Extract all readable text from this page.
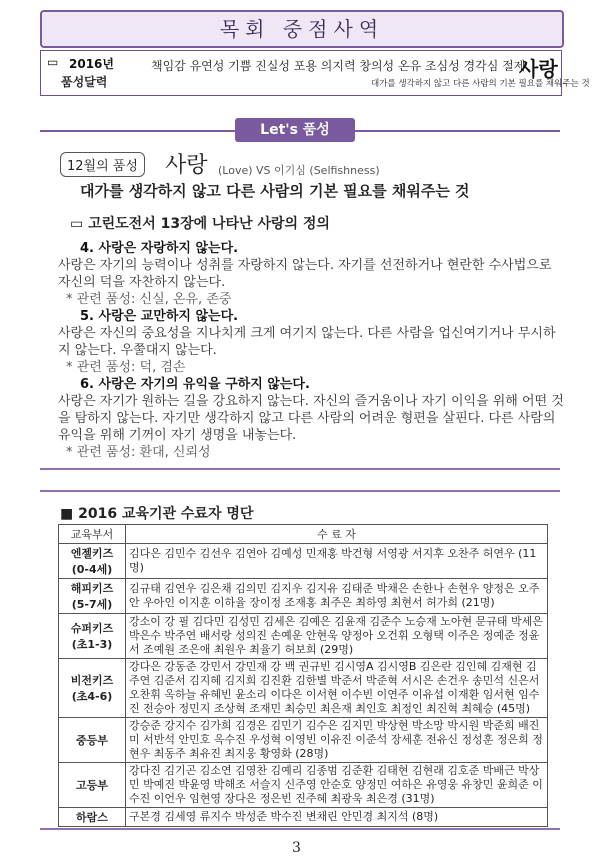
목회 중점사역
▭ 2016년
품성달력
책임감 유연성 기쁨 진실성 포용 의지력 창의성 온유 조심성 경각심 절제
사랑
대가를 생각하지 않고 다른 사람의 기본 필요를 채워주는 것
Let's 품성
12월의 품성	사랑 (Love) VS 이기심 (Selfishness)
대가를 생각하지 않고 다른 사람의 기본 필요를 채워주는 것
▭ 고린도전서 13장에 나타난 사랑의 정의
4. 사랑은 자랑하지 않는다.
사랑은 자기의 능력이나 성취를 자랑하지 않는다. 자기를 선전하거나 현란한 수사법으로 자신의 덕을 자찬하지 않는다.
* 관련 품성: 신실, 온유, 존중
5. 사랑은 교만하지 않는다.
사랑은 자신의 중요성을 지나치게 크게 여기지 않는다. 다른 사람을 업신여기거나 무시하지 않는다. 우쭐대지 않는다.
* 관련 품성: 덕, 겸손
6. 사랑은 자기의 유익을 구하지 않는다.
사랑은 자기가 원하는 길을 강요하지 않는다. 자신의 즐거움이나 자기 이익을 위해 어떤 것을 탐하지 않는다. 자기만 생각하지 않고 다른 사람의 어려운 형편을 살핀다. 다른 사람의 유익을 위해 기꺼이 자기 생명을 내놓는다.
* 관련 품성: 환대, 신뢰성
■ 2016 교육기관 수료자 명단
교육부서	수 료 자
엔젤키즈 (0-4세)	김다은 김민수 김선우 김연아 김예성 민재홍 박건형 서영광 서지후 오찬주 허연우 (11명)
해피키즈 (5-7세)	김규태 김연우 김은채 김의민 김지우 김지유 김태준 박채은 손한나 손현우 양정은 오주안 우아인 이지훈 이하율 장이정 조재홍 최주은 최하영 최현서 허가희 (21명)
슈퍼키즈 (초1-3)	강소이 강 필 김다민 김성민 김세은 김예은 김윤재 김준수 노승재 노아현 문규태 박세은 박은수 박주연 배서랑 성의진 손예운 안현욱 양정아 오건휘 오형택 이주은 정예준 정윤서 조예원 조은애 최원우 최율기 허보희 (29명)
비전키즈 (초4-6)	강다은 강동준 강민서 강민재 강 백 권규빈 김시영A 김시영B 김은란 김인혜 김재현 김주연 김준서 김지혜 김지희 김진환 김한별 박준서 박준혁 서시은 손건우 송민석 신은서 오찬휘 옥하늘 유혜빈 윤소리 이다은 이서현 이수빈 이연주 이유섭 이재환 임서현 임수진 전승아 정민지 조상혁 조재민 최승민 최은재 최인호 최정인 최진혁 최혜승 (45명)
중등부	강승준 강지수 김가희 김경은 김민기 김수은 김지민 박상현 박소망 박시원 박준희 배진미 서반석 안민호 옥수진 우성혁 이영빈 이유진 이준석 장세훈 전유신 정성훈 정은희 정현우 최동주 최유진 최지웅 황영화 (28명)
고등부	강다진 김기곤 김소연 김영찬 김예리 김종범 김준환 김태현 김현래 김호준 박배근 박상민 박예진 박윤영 박해조 서슬지 신주영 안순호 양정민 여하은 유영웅 유창민 윤희준 이수진 이언우 임현영 장다은 정은빈 진주혜 최광욱 최은경 (31명)
하람스	구본경 김세영 류지수 박성준 박수진 변채린 안민경 최지석 (8명)
3
